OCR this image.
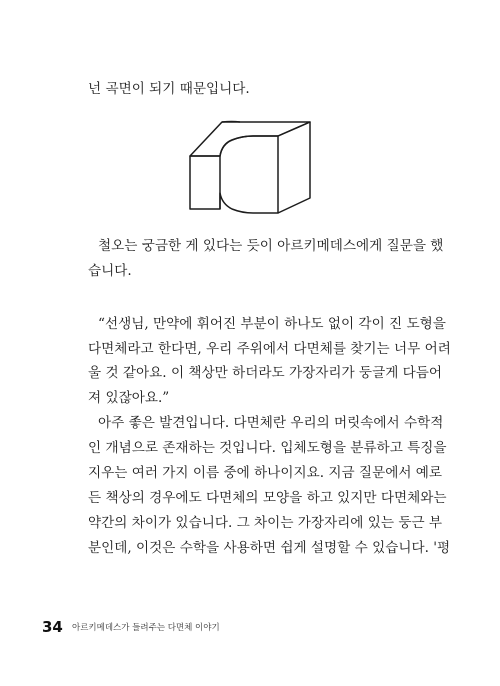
넌 곡면이 되기 때문입니다.
철오는 궁금한 게 있다는 듯이 아르키메데스에게 질문을 했
습니다.
“선생님, 만약에 휘어진 부분이 하나도 없이 각이 진 도형을
다면체라고 한다면, 우리 주위에서 다면체를 찾기는 너무 어려
울 것 같아요. 이 책상만 하더라도 가장자리가 둥글게 다듬어
져 있잖아요.”
아주 좋은 발견입니다. 다면체란 우리의 머릿속에서 수학적
인 개념으로 존재하는 것입니다. 입체도형을 분류하고 특징을
지우는 여러 가지 이름 중에 하나이지요. 지금 질문에서 예로
든 책상의 경우에도 다면체의 모양을 하고 있지만 다면체와는
약간의 차이가 있습니다. 그 차이는 가장자리에 있는 둥근 부
분인데, 이것은 수학을 사용하면 쉽게 설명할 수 있습니다. '평
34 아르키메데스가 들려주는 다면체 이야기
